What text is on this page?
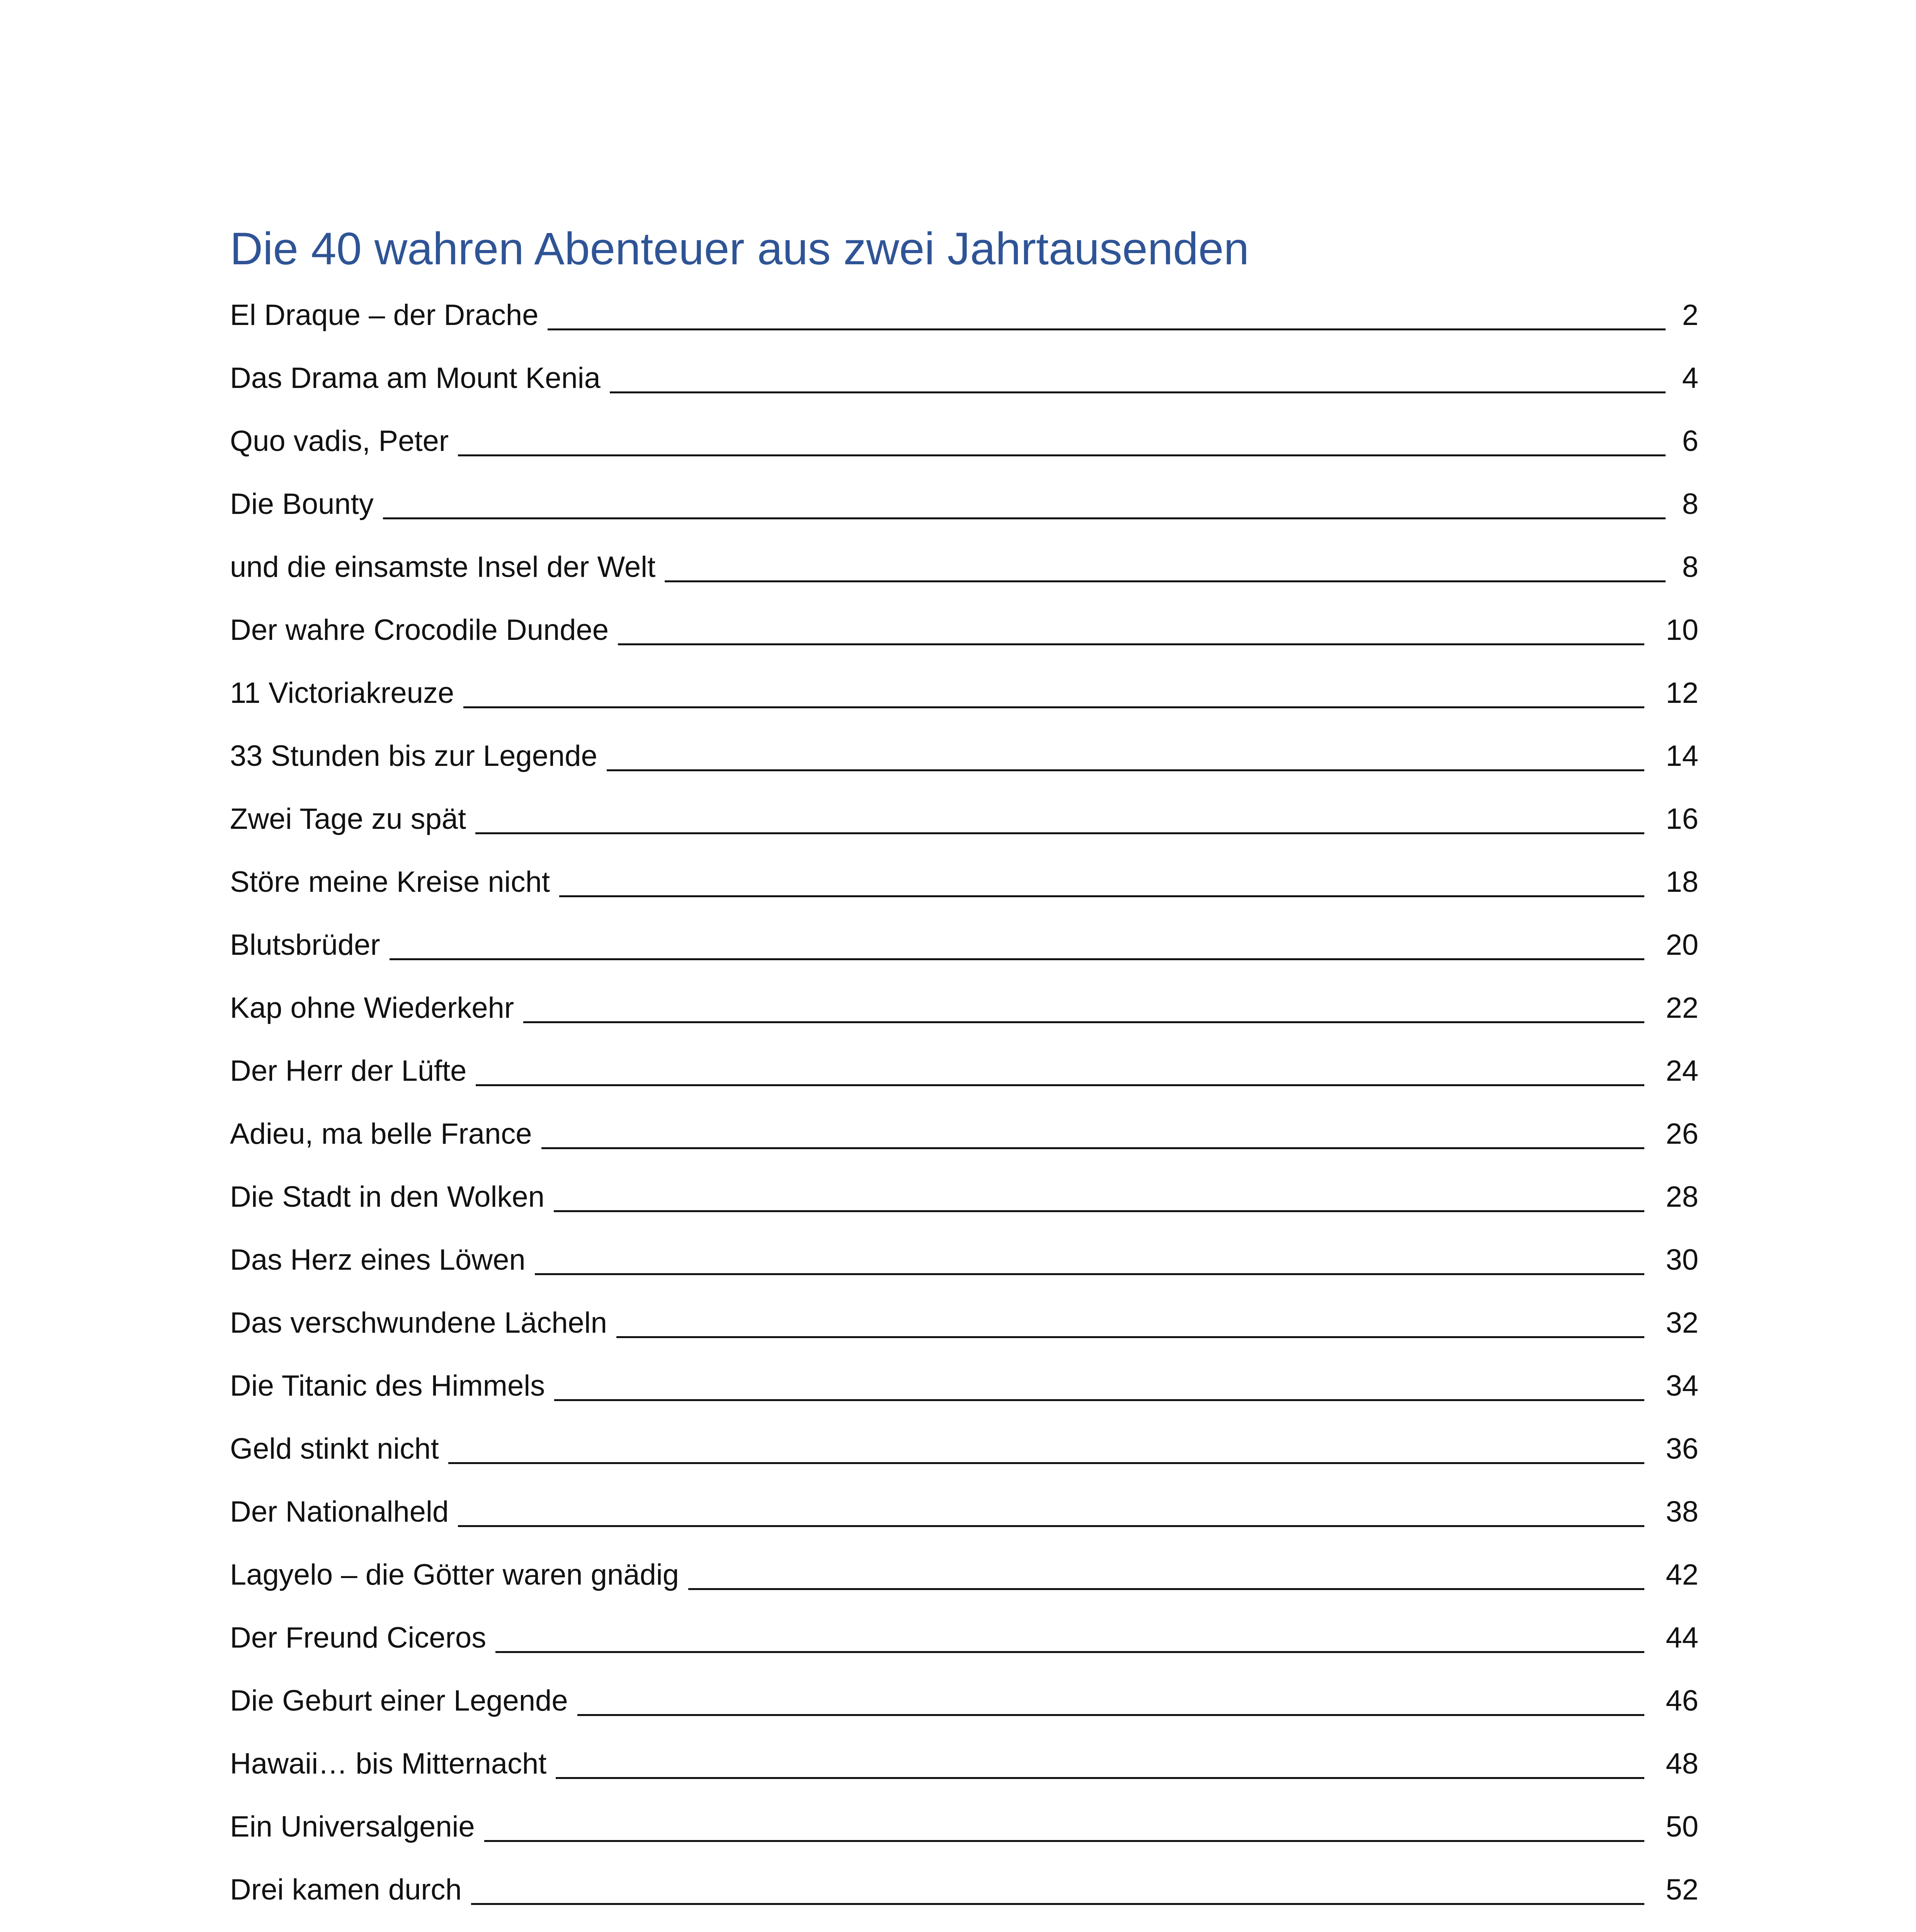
Die 40 wahren Abenteuer aus zwei Jahrtausenden
El Draque – der Drache	2
Das Drama am Mount Kenia	4
Quo vadis, Peter	6
Die Bounty	8
und die einsamste Insel der Welt	8
Der wahre Crocodile Dundee	10
11 Victoriakreuze	12
33 Stunden bis zur Legende	14
Zwei Tage zu spät	16
Störe meine Kreise nicht	18
Blutsbrüder	20
Kap ohne Wiederkehr	22
Der Herr der Lüfte	24
Adieu, ma belle France	26
Die Stadt in den Wolken	28
Das Herz eines Löwen	30
Das verschwundene Lächeln	32
Die Titanic des Himmels	34
Geld stinkt nicht	36
Der Nationalheld	38
Lagyelo – die Götter waren gnädig	42
Der Freund Ciceros	44
Die Geburt einer Legende	46
Hawaii… bis Mitternacht	48
Ein Universalgenie	50
Drei kamen durch	52
